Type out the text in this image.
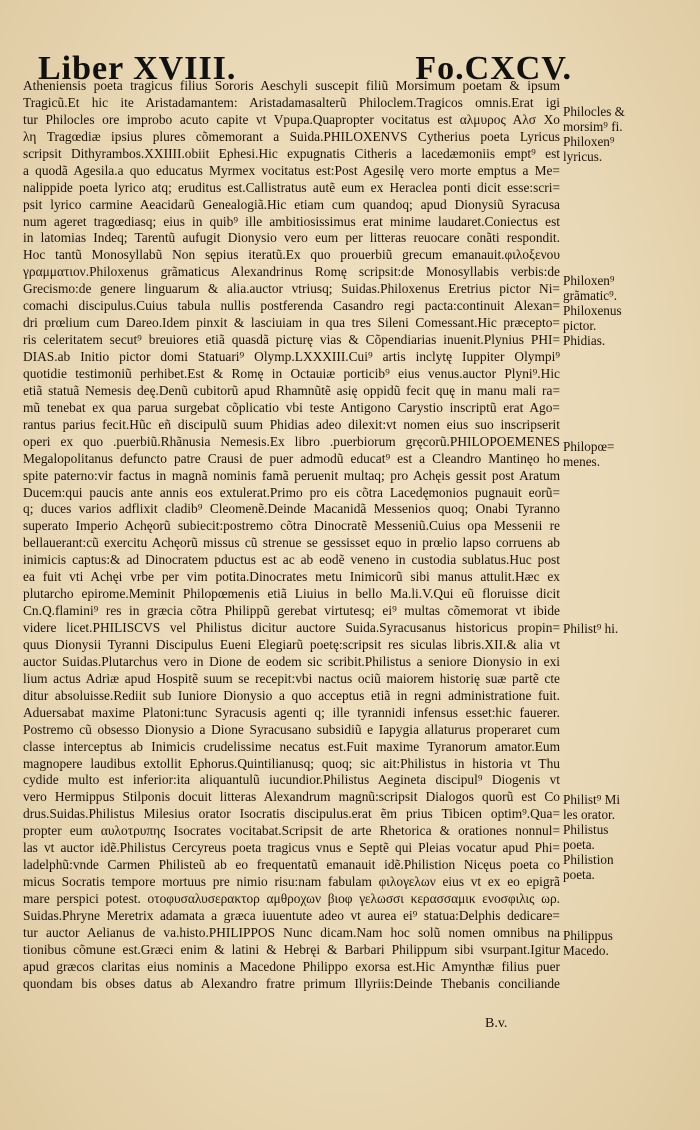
Liber XVIII.	Fo.CXCV.
Atheniensis poeta tragicus filius Sororis Aeschyli suscepit filiũ Morsimum poetam & ipsum
Tragicũ.Et hic ite Aristadamantem: Aristadamasalterũ Philoclem.Tragicos omnis.Erat igi
tur Philocles ore improbo acuto capite vt Vpupa.Quapropter vocitatus est αλμυρος Αλσ Χο
λη Tragœdiæ ipsius plures cõmemorant a Suida.PHILOXENVS Cytherius poeta Lyricus
scripsit Dithyrambos.XXIIII.obiit Ephesi.Hic expugnatis Citheris a lacedæmoniis empt⁹ est
a quodã Agesila.a quo educatus Myrmex vocitatus est:Post Agesilę vero morte emptus a Me=
nalippide poeta lyrico atq; eruditus est.Callistratus autẽ eum ex Heraclea ponti dicit esse:scri=
psit lyrico carmine Aeacidarũ Genealogiã.Hic etiam cum quandoq; apud Dionysiũ Syracusa
num ageret tragœdiasq; eius in quib⁹ ille ambitiosissimus erat minime laudaret.Coniectus est
in latomias Indeq; Tarentũ aufugit Dionysio vero eum per litteras reuocare conãti respondit.
Hoc tantũ Monosyllabũ Non sępius iteratũ.Ex quo prouerbiũ grecum emanauit.φιλοξενου
γραμματιον.Philoxenus grãmaticus Alexandrinus Romę scripsit:de Monosyllabis verbis:de
Grecismo:de genere linguarum & alia.auctor vtriusq; Suidas.Philoxenus Eretrius pictor Ni=
comachi discipulus.Cuius tabula nullis postferenda Casandro regi pacta:continuit Alexan=
dri prœlium cum Dareo.Idem pinxit & lasciuiam in qua tres Sileni Comessant.Hic præcepto=
ris celeritatem secut⁹ breuiores etiã quasdã picturę vias & Cõpendiarias inuenit.Plynius PHI=
DIAS.ab Initio pictor domi Statuari⁹ Olymp.LXXXIII.Cui⁹ artis inclytę Iuppiter Olympi⁹
quotidie testimoniũ perhibet.Est & Romę in Octauiæ porticib⁹ eius venus.auctor Plyni⁹.Hic
etiã statuã Nemesis deę.Denũ cubitorũ apud Rhamnũtẽ asię oppidũ fecit quę in manu mali ra=
mũ tenebat ex qua parua surgebat cõplicatio vbi teste Antigono Carystio inscriptũ erat Ago=
rantus parius fecit.Hũc eñ discipulũ suum Phidias adeo dilexit:vt nomen eius suo inscripserit
operi ex quo .puerbiũ.Rhãnusia Nemesis.Ex libro .puerbiorum gręcorũ.PHILOPOEMENES
Megalopolitanus defuncto patre Crausi de puer admodũ educat⁹ est a Cleandro Mantinęo ho
spite paterno:vir factus in magnã nominis famã peruenit multaq; pro Achęis gessit post Aratum
Ducem:qui paucis ante annis eos extulerat.Primo pro eis cõtra Lacedęmonios pugnauit eorũ=
q; duces varios adflixit cladib⁹ Cleomenẽ.Deinde Macanidã Messenios quoq; Onabi Tyranno
superato Imperio Achęorũ subiecit:postremo cõtra Dinocratẽ Messeniũ.Cuius opa Messenii re
bellauerant:cũ exercitu Achęorũ missus cũ strenue se gessisset equo in prœlio lapso corruens ab
inimicis captus:& ad Dinocratem pductus est ac ab eodẽ veneno in custodia sublatus.Huc post
ea fuit vti Achęi vrbe per vim potita.Dinocrates metu Inimicorũ sibi manus attulit.Hæc ex
plutarcho epirome.Meminit Philopœmenis etiã Liuius in bello Ma.li.V.Qui eũ floruisse dicit
Cn.Q.flamini⁹ res in græcia cõtra Philippũ gerebat virtutesq; ei⁹ multas cõmemorat vt ibide
videre licet.PHILISCVS vel Philistus dicitur auctore Suida.Syracusanus historicus propin=
quus Dionysii Tyranni Discipulus Eueni Elegiarũ poetę:scripsit res siculas libris.XII.& alia vt
auctor Suidas.Plutarchus vero in Dione de eodem sic scribit.Philistus a seniore Dionysio in exi
lium actus Adriæ apud Hospitẽ suum se recepit:vbi nactus ociũ maiorem historię suæ partẽ cte
ditur absoluisse.Rediit sub Iuniore Dionysio a quo acceptus etiã in regni administratione fuit.
Aduersabat maxime Platoni:tunc Syracusis agenti q; ille tyrannidi infensus esset:hic fauerer.
Postremo cũ obsesso Dionysio a Dione Syracusano subsidiũ e Iapygia allaturus properaret cum
classe interceptus ab Inimicis crudelissime necatus est.Fuit maxime Tyranorum amator.Eum
magnopere laudibus extollit Ephorus.Quintilianusq; quoq; sic ait:Philistus in historia vt Thu
cydide multo est inferior:ita aliquantulũ iucundior.Philistus Aegineta discipul⁹ Diogenis vt
vero Hermippus Stilponis docuit litteras Alexandrum magnũ:scripsit Dialogos quorũ est Co
drus.Suidas.Philistus Milesius orator Isocratis discipulus.erat ẽm prius Tibicen optim⁹.Qua=
propter eum αυλοτρυπης Isocrates vocitabat.Scripsit de arte Rhetorica & orationes nonnul=
las vt auctor idẽ.Philistus Cercyreus poeta tragicus vnus e Septẽ qui Pleias vocatur apud Phi=
ladelphũ:vnde Carmen Philisteũ ab eo frequentatũ emanauit idẽ.Philistion Nicęus poeta co
micus Socratis tempore mortuus pre nimio risu:nam fabulam φιλογελων eius vt ex eo epigrã
mare perspici potest. οτοφυσαλυσερακτορ αμθροχων βιοφ γελωσσι κερασσαμικ ενοσφιλις ωρ.
Suidas.Phryne Meretrix adamata a græca iuuentute adeo vt aurea ei⁹ statua:Delphis dedicare=
tur auctor Aelianus de va.histo.PHILIPPOS Nunc dicam.Nam hoc solũ nomen omnibus na
tionibus cõmune est.Græci enim & latini & Hebręi & Barbari Philippum sibi vsurpant.Igitur
apud græcos claritas eius nominis a Macedone Philippo exorsa est.Hic Amynthæ filius puer
quondam bis obses datus ab Alexandro fratre primum Illyriis:Deinde Thebanis conciliande
Philocles &
morsim⁹ fi.
Philoxen⁹
lyricus.
Philoxen⁹
grãmatic⁹.
Philoxenus
pictor.
Phidias.
Philopœ=
menes.
Philist⁹ hi.
Philist⁹ Mi
les orator.
Philistus
poeta.
Philistion
poeta.
Philippus
Macedo.
B.v.
